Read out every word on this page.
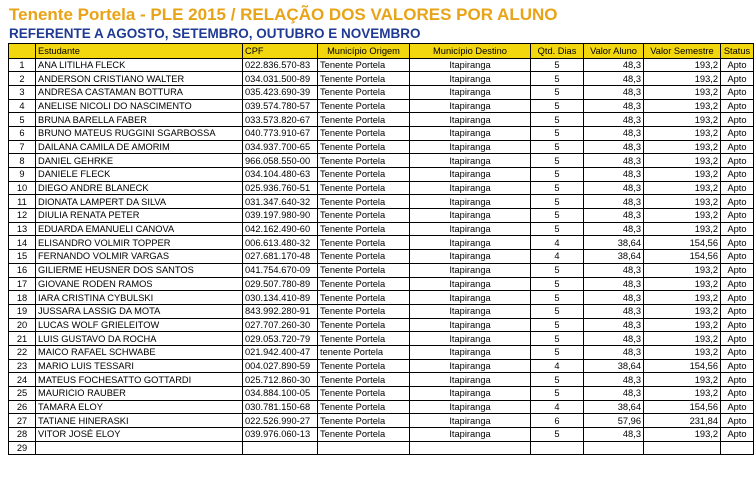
Tenente Portela - PLE 2015 / RELAÇÃO DOS VALORES POR ALUNO
REFERENTE A AGOSTO, SETEMBRO, OUTUBRO E NOVEMBRO
	Estudante	CPF	Município Origem	Município Destino	Qtd. Dias	Valor Aluno	Valor Semestre	Status
1	ANA LITILHA FLECK	022.836.570-83	Tenente Portela	Itapiranga	5	48,3	193,2	Apto
2	ANDERSON CRISTIANO WALTER	034.031.500-89	Tenente Portela	Itapiranga	5	48,3	193,2	Apto
3	ANDRESA CASTAMAN BOTTURA	035.423.690-39	Tenente Portela	Itapiranga	5	48,3	193,2	Apto
4	ANELISE NICOLI DO NASCIMENTO	039.574.780-57	Tenente Portela	Itapiranga	5	48,3	193,2	Apto
5	BRUNA BARELLA FABER	033.573.820-67	Tenente Portela	Itapiranga	5	48,3	193,2	Apto
6	BRUNO MATEUS RUGGINI SGARBOSSA	040.773.910-67	Tenente Portela	Itapiranga	5	48,3	193,2	Apto
7	DAILANA CAMILA DE AMORIM	034.937.700-65	Tenente Portela	Itapiranga	5	48,3	193,2	Apto
8	DANIEL GEHRKE	966.058.550-00	Tenente Portela	Itapiranga	5	48,3	193,2	Apto
9	DANIELE FLECK	034.104.480-63	Tenente Portela	Itapiranga	5	48,3	193,2	Apto
10	DIEGO ANDRE BLANECK	025.936.760-51	Tenente Portela	Itapiranga	5	48,3	193,2	Apto
11	DIONATA LAMPERT DA SILVA	031.347.640-32	Tenente Portela	Itapiranga	5	48,3	193,2	Apto
12	DIULIA RENATA PETER	039.197.980-90	Tenente Portela	Itapiranga	5	48,3	193,2	Apto
13	EDUARDA EMANUELI CANOVA	042.162.490-60	Tenente Portela	Itapiranga	5	48,3	193,2	Apto
14	ELISANDRO VOLMIR TOPPER	006.613.480-32	Tenente Portela	Itapiranga	4	38,64	154,56	Apto
15	FERNANDO VOLMIR VARGAS	027.681.170-48	Tenente Portela	Itapiranga	4	38,64	154,56	Apto
16	GILIERME HEUSNER DOS SANTOS	041.754.670-09	Tenente Portela	Itapiranga	5	48,3	193,2	Apto
17	GIOVANE RODEN RAMOS	029.507.780-89	Tenente Portela	Itapiranga	5	48,3	193,2	Apto
18	IARA CRISTINA CYBULSKI	030.134.410-89	Tenente Portela	Itapiranga	5	48,3	193,2	Apto
19	JUSSARA LASSIG DA MOTA	843.992.280-91	Tenente Portela	Itapiranga	5	48,3	193,2	Apto
20	LUCAS WOLF GRIELEITOW	027.707.260-30	Tenente Portela	Itapiranga	5	48,3	193,2	Apto
21	LUIS GUSTAVO DA ROCHA	029.053.720-79	Tenente Portela	Itapiranga	5	48,3	193,2	Apto
22	MAICO RAFAEL SCHWABE	021.942.400-47	tenente Portela	Itapiranga	5	48,3	193,2	Apto
23	MARIO LUIS TESSARI	004.027.890-59	Tenente Portela	Itapiranga	4	38,64	154,56	Apto
24	MATEUS FOCHESATTO GOTTARDI	025.712.860-30	Tenente Portela	Itapiranga	5	48,3	193,2	Apto
25	MAURICIO RAUBER	034.884.100-05	Tenente Portela	Itapiranga	5	48,3	193,2	Apto
26	TAMARA ELOY	030.781.150-68	Tenente Portela	Itapiranga	4	38,64	154,56	Apto
27	TATIANE HINERASKI	022.526.990-27	Tenente Portela	Itapiranga	6	57,96	231,84	Apto
28	VITOR JOSÉ ELOY	039.976.060-13	Tenente Portela	Itapiranga	5	48,3	193,2	Apto
29								
